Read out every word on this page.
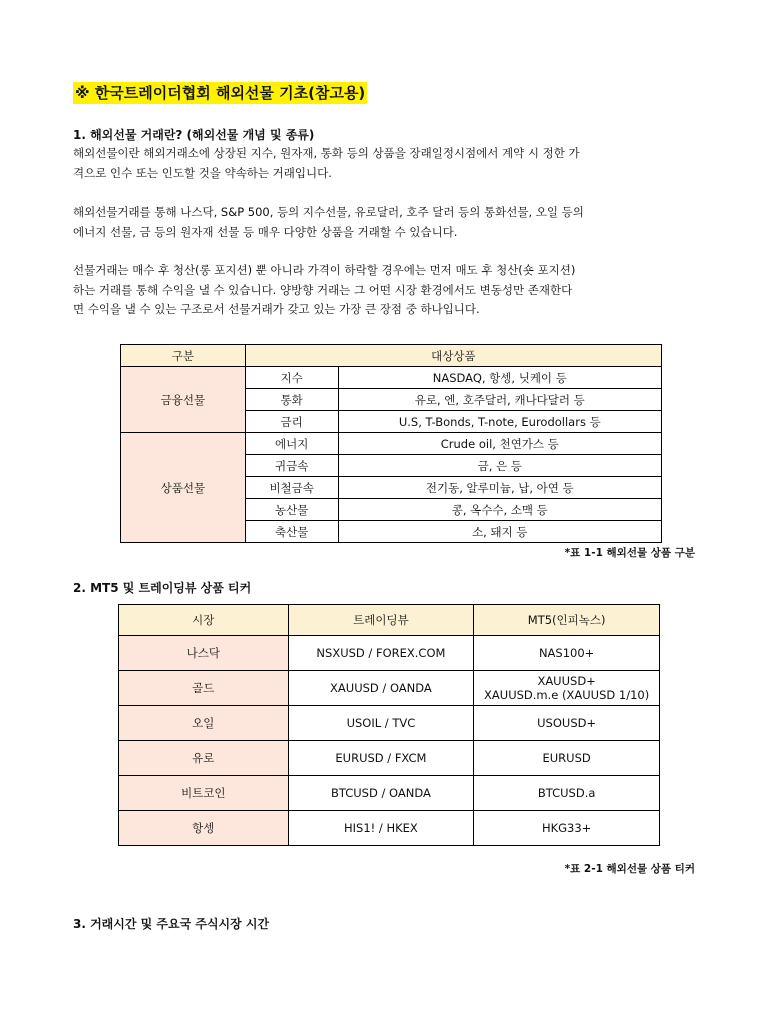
※ 한국트레이더협회 해외선물 기초(참고용)
1. 해외선물 거래란? (해외선물 개념 및 종류)
해외선물이란 해외거래소에 상장된 지수, 원자재, 통화 등의 상품을 장래일정시점에서 계약 시 정한 가
격으로 인수 또는 인도할 것을 약속하는 거래입니다.
해외선물거래를 통해 나스닥, S&P 500, 등의 지수선물, 유로달러, 호주 달러 등의 통화선물, 오일 등의
에너지 선물, 금 등의 원자재 선물 등 매우 다양한 상품을 거래할 수 있습니다.
선물거래는 매수 후 청산(롱 포지션) 뿐 아니라 가격이 하락할 경우에는 먼저 매도 후 청산(숏 포지션)
하는 거래를 통해 수익을 낼 수 있습니다. 양방향 거래는 그 어떤 시장 환경에서도 변동성만 존재한다
면 수익을 낼 수 있는 구조로서 선물거래가 갖고 있는 가장 큰 장점 중 하나입니다.
구분	대상상품	
금융선물	지수	NASDAQ, 항셍, 닛케이 등
	통화	유로, 엔, 호주달러, 캐나다달러 등
	금리	U.S, T-Bonds, T-note, Eurodollars 등
상품선물	에너지	Crude oil, 천연가스 등
	귀금속	금, 은 등
	비철금속	전기동, 알루미늄, 납, 아연 등
	농산물	콩, 옥수수, 소맥 등
	축산물	소, 돼지 등
*표 1-1 해외선물 상품 구분
2. MT5 및 트레이딩뷰 상품 티커
시장	트레이딩뷰	MT5(인피녹스)
나스닥	NSXUSD / FOREX.COM	NAS100+
골드	XAUUSD / OANDA	XAUUSD+
XAUUSD.m.e (XAUUSD 1/10)

오일	USOIL / TVC	USOUSD+
유로	EURUSD / FXCM	EURUSD
비트코인	BTCUSD / OANDA	BTCUSD.a
항셍	HIS1! / HKEX	HKG33+
*표 2-1 해외선물 상품 티커
3. 거래시간 및 주요국 주식시장 시간
